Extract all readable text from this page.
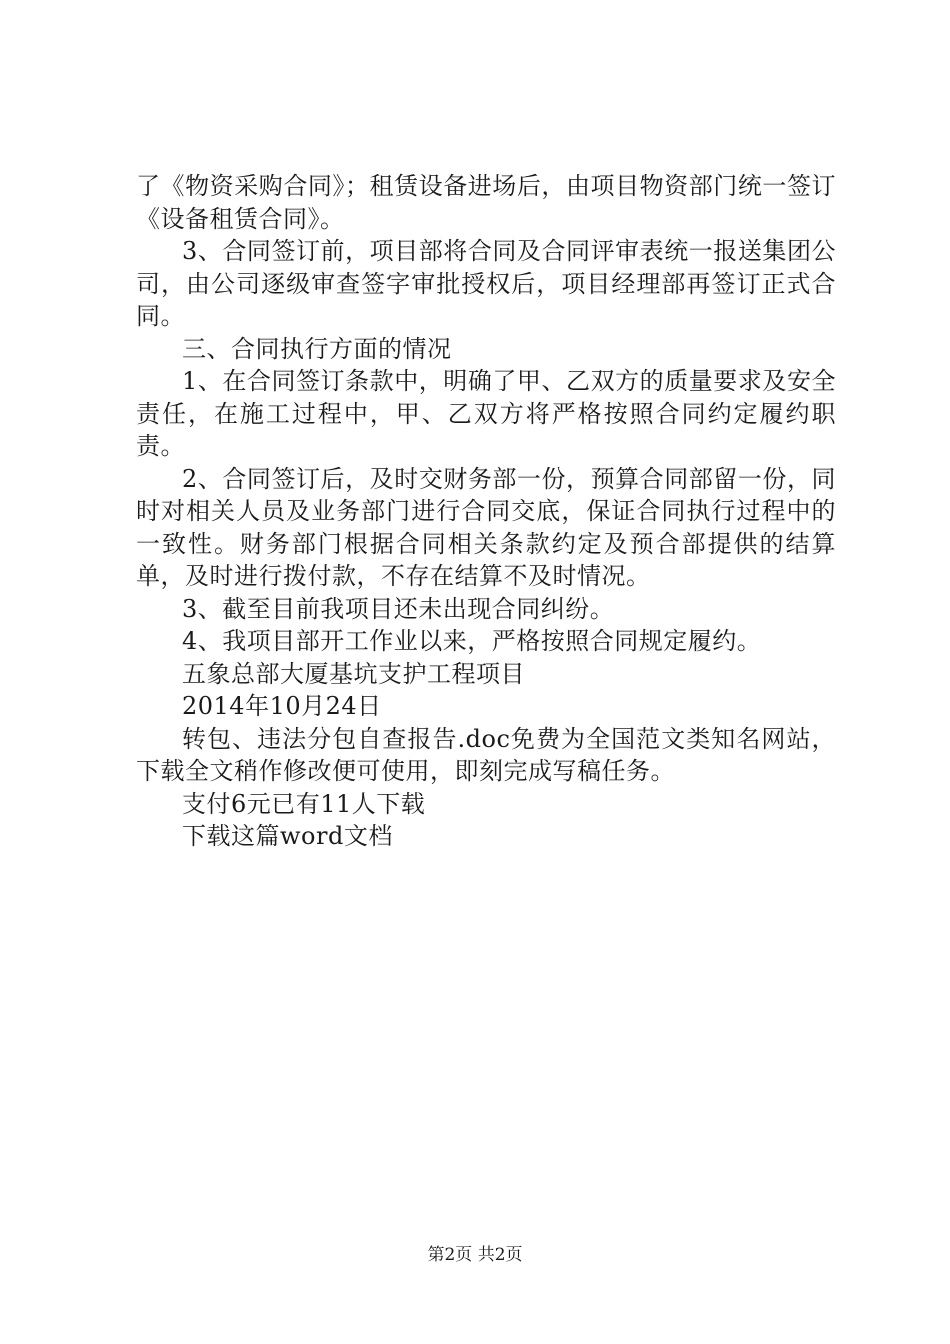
了《物资采购合同》；租赁设备进场后，由项目物资部门统一签订《设备租赁合同》。

3、合同签订前，项目部将合同及合同评审表统一报送集团公司，由公司逐级审查签字审批授权后，项目经理部再签订正式合同。

三、合同执行方面的情况

1、在合同签订条款中，明确了甲、乙双方的质量要求及安全责任，在施工过程中，甲、乙双方将严格按照合同约定履约职责。

2、合同签订后，及时交财务部一份，预算合同部留一份，同时对相关人员及业务部门进行合同交底，保证合同执行过程中的一致性。财务部门根据合同相关条款约定及预合部提供的结算单，及时进行拨付款，不存在结算不及时情况。

3、截至目前我项目还未出现合同纠纷。

4、我项目部开工作业以来，严格按照合同规定履约。

五象总部大厦基坑支护工程项目

2014年10月24日

转包、违法分包自查报告.doc免费为全国范文类知名网站，下载全文稍作修改便可使用，即刻完成写稿任务。

支付6元已有11人下载

下载这篇word文档

第2页 共2页
